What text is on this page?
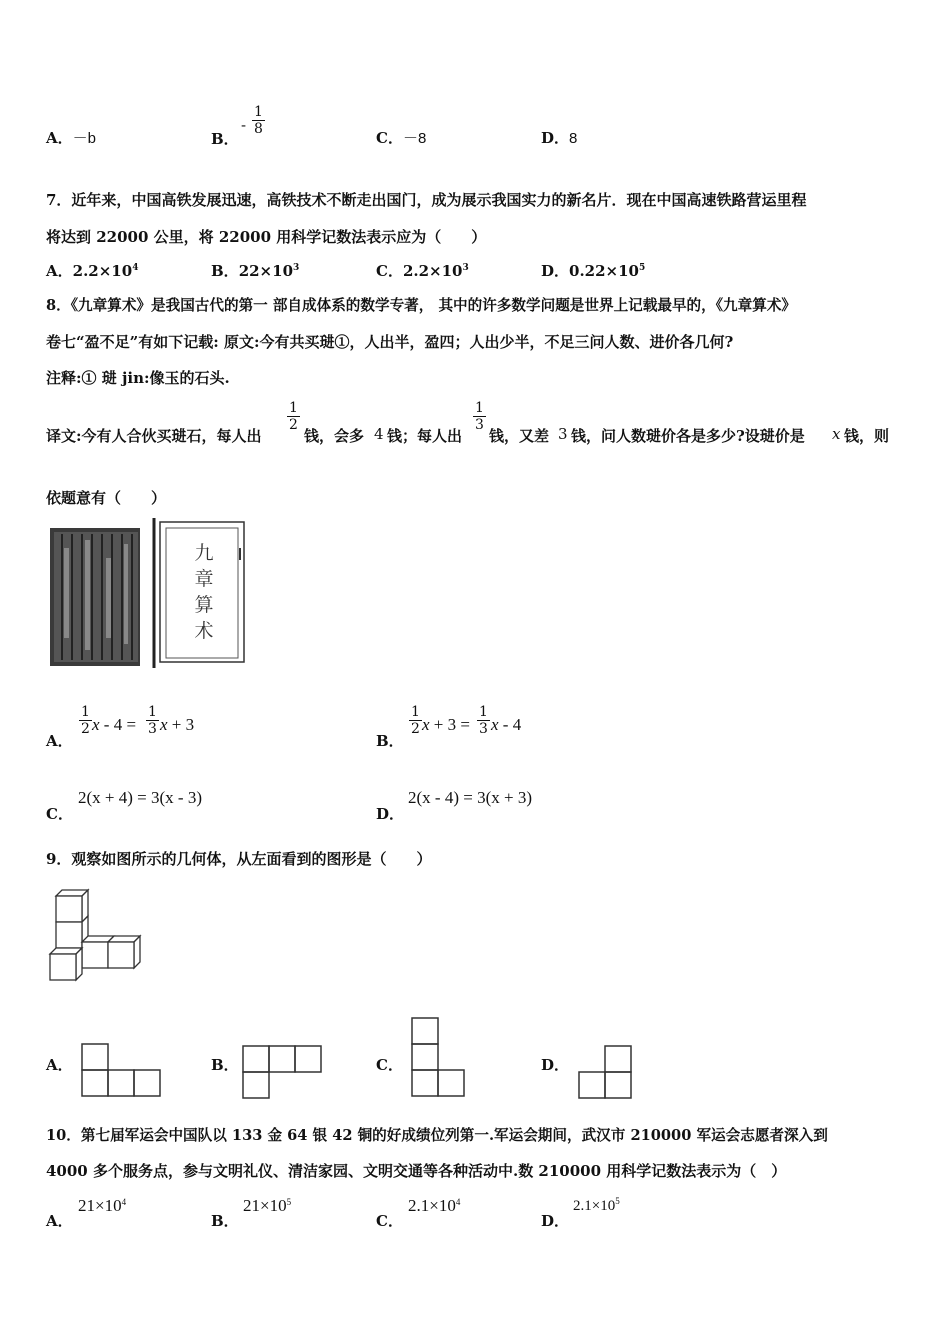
A．－b	B．
- $\frac{1}{8}$
C．－8	D．8
7．近年来，中国高铁发展迅速，高铁技术不断走出国门，成为展示我国实力的新名片．现在中国高速铁路营运里程
将达到 22000 公里，将 22000 用科学记数法表示应为（　　）
A．$2.2\times 10^4$	B．$22\times 10^3$	C．$2.2\times 10^3$	D．$0.22\times 10^5$
8．《九章算术》是我国古代的第一 部自成体系的数学专著， 其中的许多数学问题是世界上记载最早的，《九章算术》
卷七“盈不足”有如下记载: 原文:今有共买琎①，人出半，盈四；人出少半，不足三问人数、进价各几何?
注释:① 琎 jin:像玉的石头.
译文:今有人合伙买琎石，每人出
$\frac{1}{2}$
钱，会多 4 钱；每人出
$\frac{1}{3}$
钱，又差 3 钱，问人数琎价各是多少?设琎价是 x 钱，则
依题意有（　　）
九
章
算
术
A．
$\frac{1}{2}$ $x - 4 = \frac{1}{3}$ x + 3
B．
$\frac{1}{2}$ $x + 3 = \frac{1}{3}$ x - 4
C．
2(x + 4) = 3(x - 3)
D．
2(x - 4) = 3(x + 3)
9．观察如图所示的几何体，从左面看到的图形是（　　）
A．	B．	C．	D．
10．第七届军运会中国队以 133 金 64 银 42 铜的好成绩位列第一.军运会期间，武汉市 210000 军运会志愿者深入到
4000 多个服务点，参与文明礼仪、清洁家园、文明交通等各种活动中.数 210000 用科学记数法表示为（　）
A．
$21\times 10^4$
B．
$21\times 10^5$
C．
$2.1\times 10^4$
D．
$2.1\times 10^5$
